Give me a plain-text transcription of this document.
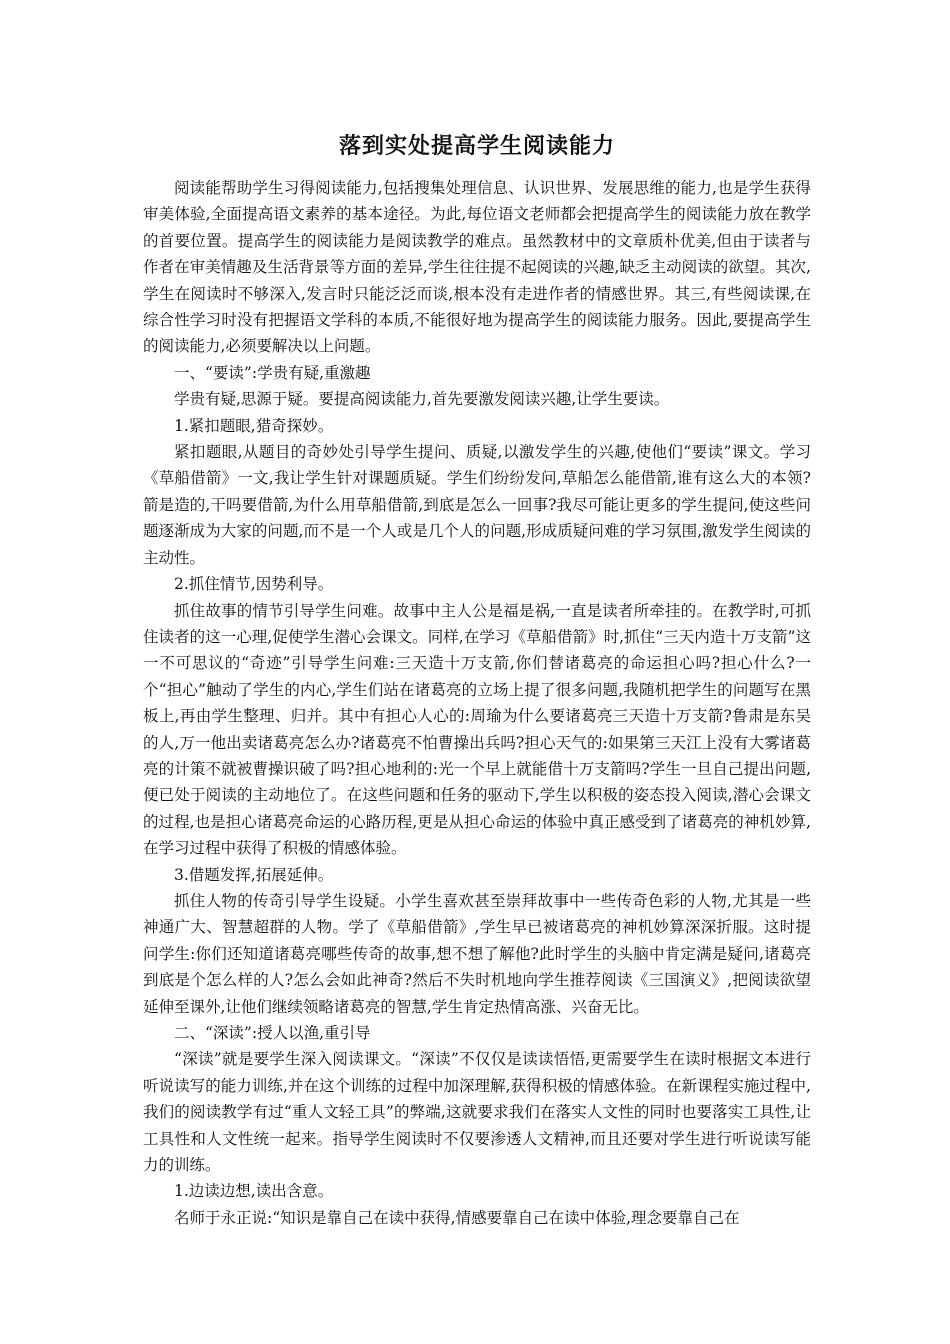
落到实处提高学生阅读能力

阅读能帮助学生习得阅读能力,包括搜集处理信息、认识世界、发展思维的能力,也是学生获得审美体验,全面提高语文素养的基本途径。为此,每位语文老师都会把提高学生的阅读能力放在教学的首要位置。提高学生的阅读能力是阅读教学的难点。虽然教材中的文章质朴优美,但由于读者与作者在审美情趣及生活背景等方面的差异,学生往往提不起阅读的兴趣,缺乏主动阅读的欲望。其次,学生在阅读时不够深入,发言时只能泛泛而谈,根本没有走进作者的情感世界。其三,有些阅读课,在综合性学习时没有把握语文学科的本质,不能很好地为提高学生的阅读能力服务。因此,要提高学生的阅读能力,必须要解决以上问题。

一、“要读”:学贵有疑,重激趣

学贵有疑,思源于疑。要提高阅读能力,首先要激发阅读兴趣,让学生要读。

1.紧扣题眼,猎奇探妙。

紧扣题眼,从题目的奇妙处引导学生提问、质疑,以激发学生的兴趣,使他们“要读”课文。学习《草船借箭》一文,我让学生针对课题质疑。学生们纷纷发问,草船怎么能借箭,谁有这么大的本领?箭是造的,干吗要借箭,为什么用草船借箭,到底是怎么一回事?我尽可能让更多的学生提问,使这些问题逐渐成为大家的问题,而不是一个人或是几个人的问题,形成质疑问难的学习氛围,激发学生阅读的主动性。

2.抓住情节,因势利导。

抓住故事的情节引导学生问难。故事中主人公是福是祸,一直是读者所牵挂的。在教学时,可抓住读者的这一心理,促使学生潜心会课文。同样,在学习《草船借箭》时,抓住“三天内造十万支箭”这一不可思议的“奇迹”引导学生问难:三天造十万支箭,你们替诸葛亮的命运担心吗?担心什么?一个“担心”触动了学生的内心,学生们站在诸葛亮的立场上提了很多问题,我随机把学生的问题写在黑板上,再由学生整理、归并。其中有担心人心的:周瑜为什么要诸葛亮三天造十万支箭?鲁肃是东吴的人,万一他出卖诸葛亮怎么办?诸葛亮不怕曹操出兵吗?担心天气的:如果第三天江上没有大雾诸葛亮的计策不就被曹操识破了吗?担心地利的:光一个早上就能借十万支箭吗?学生一旦自己提出问题,便已处于阅读的主动地位了。在这些问题和任务的驱动下,学生以积极的姿态投入阅读,潜心会课文的过程,也是担心诸葛亮命运的心路历程,更是从担心命运的体验中真正感受到了诸葛亮的神机妙算,在学习过程中获得了积极的情感体验。

3.借题发挥,拓展延伸。

抓住人物的传奇引导学生设疑。小学生喜欢甚至崇拜故事中一些传奇色彩的人物,尤其是一些神通广大、智慧超群的人物。学了《草船借箭》,学生早已被诸葛亮的神机妙算深深折服。这时提问学生:你们还知道诸葛亮哪些传奇的故事,想不想了解他?此时学生的头脑中肯定满是疑问,诸葛亮到底是个怎么样的人?怎么会如此神奇?然后不失时机地向学生推荐阅读《三国演义》,把阅读欲望延伸至课外,让他们继续领略诸葛亮的智慧,学生肯定热情高涨、兴奋无比。

二、“深读”:授人以渔,重引导

“深读”就是要学生深入阅读课文。“深读”不仅仅是读读悟悟,更需要学生在读时根据文本进行听说读写的能力训练,并在这个训练的过程中加深理解,获得积极的情感体验。在新课程实施过程中,我们的阅读教学有过“重人文轻工具”的弊端,这就要求我们在落实人文性的同时也要落实工具性,让工具性和人文性统一起来。指导学生阅读时不仅要渗透人文精神,而且还要对学生进行听说读写能力的训练。

1.边读边想,读出含意。

名师于永正说:“知识是靠自己在读中获得,情感要靠自己在读中体验,理念要靠自己在
